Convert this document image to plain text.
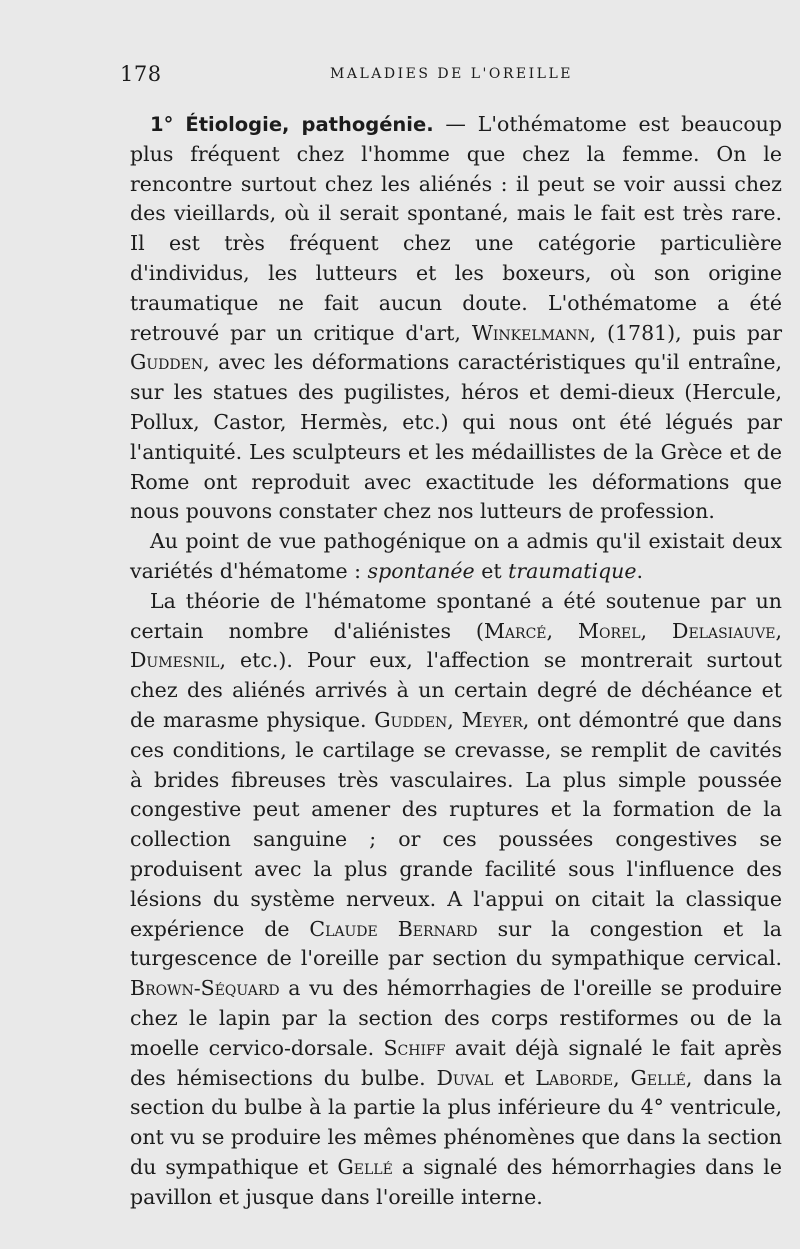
178	MALADIES DE L'OREILLE

1° Étiologie, pathogénie. — L'othématome est beaucoup plus fréquent chez l'homme que chez la femme. On le rencontre surtout chez les aliénés : il peut se voir aussi chez des vieillards, où il serait spontané, mais le fait est très rare. Il est très fréquent chez une catégorie particulière d'individus, les lutteurs et les boxeurs, où son origine traumatique ne fait aucun doute. L'othématome a été retrouvé par un critique d'art, Winkelmann, (1781), puis par Gudden, avec les déformations caractéristiques qu'il entraîne, sur les statues des pugilistes, héros et demi-dieux (Hercule, Pollux, Castor, Hermès, etc.) qui nous ont été légués par l'antiquité. Les sculpteurs et les médaillistes de la Grèce et de Rome ont reproduit avec exactitude les déformations que nous pouvons constater chez nos lutteurs de profession.

Au point de vue pathogénique on a admis qu'il existait deux variétés d'hématome : spontanée et traumatique.

La théorie de l'hématome spontané a été soutenue par un certain nombre d'aliénistes (Marcé, Morel, Delasiauve, Dumesnil, etc.). Pour eux, l'affection se montrerait surtout chez des aliénés arrivés à un certain degré de déchéance et de marasme physique. Gudden, Meyer, ont démontré que dans ces conditions, le cartilage se crevasse, se remplit de cavités à brides fibreuses très vasculaires. La plus simple poussée congestive peut amener des ruptures et la formation de la collection sanguine ; or ces poussées congestives se produisent avec la plus grande facilité sous l'influence des lésions du système nerveux. A l'appui on citait la classique expérience de Claude Bernard sur la congestion et la turgescence de l'oreille par section du sympathique cervical. Brown-Séquard a vu des hémorrhagies de l'oreille se produire chez le lapin par la section des corps restiformes ou de la moelle cervico-dorsale. Schiff avait déjà signalé le fait après des hémisections du bulbe. Duval et Laborde, Gellé, dans la section du bulbe à la partie la plus inférieure du 4° ventricule, ont vu se produire les mêmes phénomènes que dans la section du sympathique et Gellé a signalé des hémorrhagies dans le pavillon et jusque dans l'oreille interne.
